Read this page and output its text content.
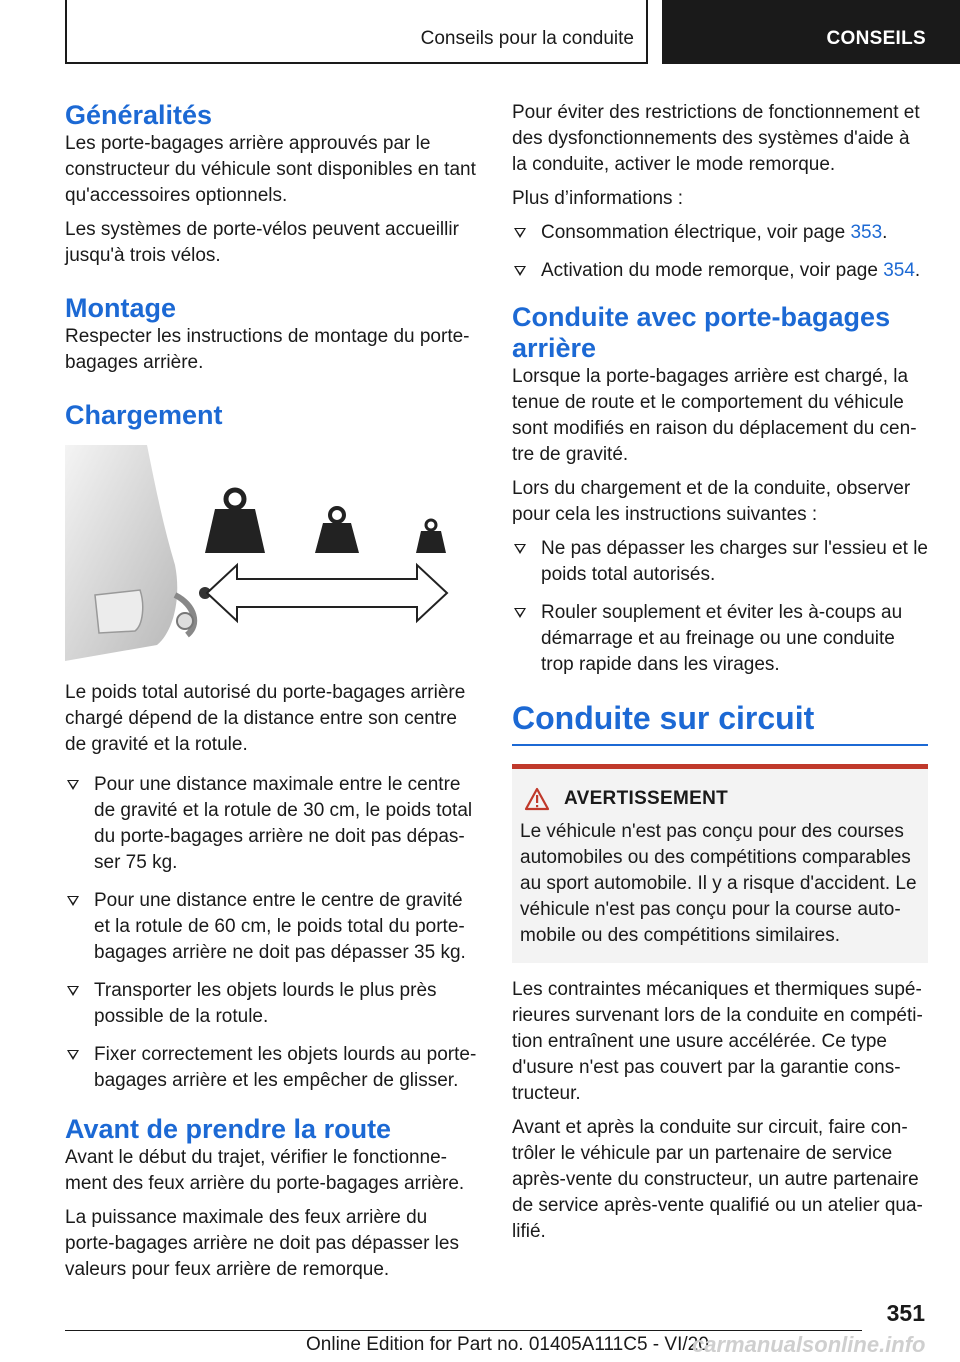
Conseils pour la conduite	CONSEILS
Généralités

Les porte-bagages arrière approuvés par le constructeur du véhicule sont disponibles en tant qu'accessoires optionnels.

Les systèmes de porte-vélos peuvent accueillir jusqu'à trois vélos.

Montage

Respecter les instructions de montage du porte-bagages arrière.

Chargement

Le poids total autorisé du porte-bagages arrière chargé dépend de la distance entre son centre de gravité et la rotule.

Pour une distance maximale entre le centre de gravité et la rotule de 30 cm, le poids total du porte-bagages arrière ne doit pas dépas-ser 75 kg.
Pour une distance entre le centre de gravité et la rotule de 60 cm, le poids total du porte-bagages arrière ne doit pas dépasser 35 kg.
Transporter les objets lourds le plus près possible de la rotule.
Fixer correctement les objets lourds au porte-bagages arrière et les empêcher de glisser.
Avant de prendre la route

Avant le début du trajet, vérifier le fonctionne-ment des feux arrière du porte-bagages arrière.

La puissance maximale des feux arrière du porte-bagages arrière ne doit pas dépasser les valeurs pour feux arrière de remorque.

Pour éviter des restrictions de fonctionnement et des dysfonctionnements des systèmes d'aide à la conduite, activer le mode remorque.

Plus d’informations :

Consommation électrique, voir page 353.
Activation du mode remorque, voir page 354.
Conduite avec porte-bagages arrière

Lorsque la porte-bagages arrière est chargé, la tenue de route et le comportement du véhicule sont modifiés en raison du déplacement du cen-tre de gravité.

Lors du chargement et de la conduite, observer pour cela les instructions suivantes :

Ne pas dépasser les charges sur l'essieu et le poids total autorisés.
Rouler souplement et éviter les à-coups au démarrage et au freinage ou une conduite trop rapide dans les virages.
Conduite sur circuit
AVERTISSEMENT

Le véhicule n'est pas conçu pour des courses automobiles ou des compétitions comparables au sport automobile. Il y a risque d'accident. Le véhicule n'est pas conçu pour la course auto-mobile ou des compétitions similaires.

Les contraintes mécaniques et thermiques supé-rieures survenant lors de la conduite en compéti-tion entraînent une usure accélérée. Ce type d'usure n'est pas couvert par la garantie cons-tructeur.

Avant et après la conduite sur circuit, faire con-trôler le véhicule par un partenaire de service après-vente du constructeur, un autre partenaire de service après-vente qualifié ou un atelier qua-lifié.

351
Online Edition for Part no. 01405A111C5 - VI/20
carmanualsonline.info
